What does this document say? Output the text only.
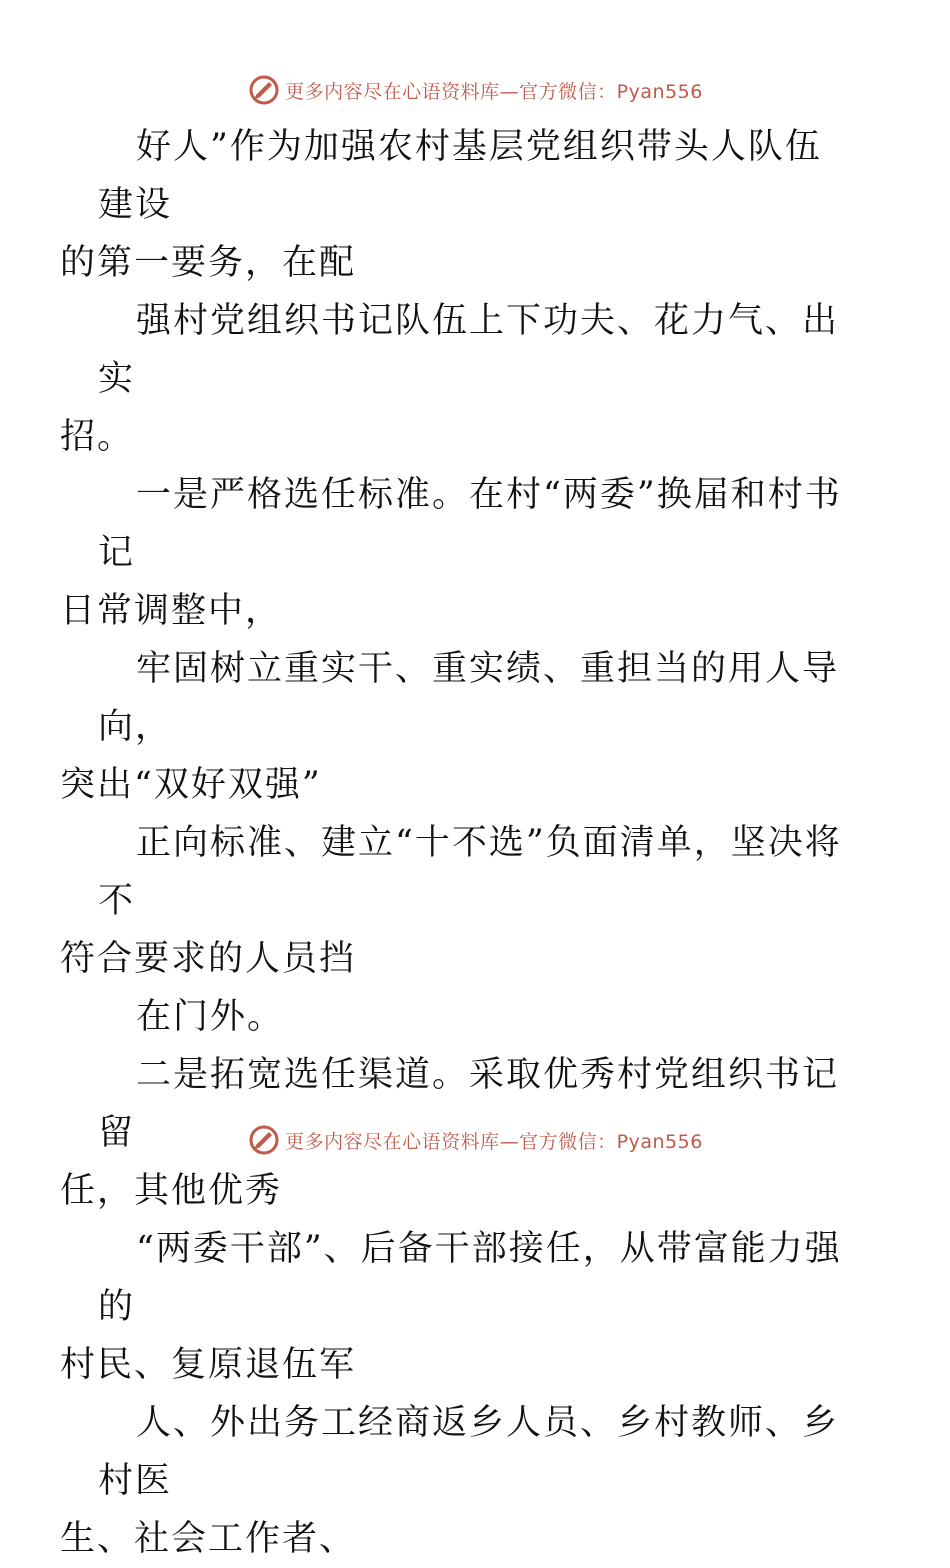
更多内容尽在心语资料库—官方微信：Pyan556

好人”作为加强农村基层党组织带头人队伍建设
的第一要务，在配

强村党组织书记队伍上下功夫、花力气、出实
招。

一是严格选任标准。在村“两委”换届和村书记
日常调整中，

牢固树立重实干、重实绩、重担当的用人导向，
突出“双好双强”

正向标准、建立“十不选”负面清单，坚决将不
符合要求的人员挡

在门外。

二是拓宽选任渠道。采取优秀村党组织书记留
任，其他优秀

“两委干部”、后备干部接任，从带富能力强的
村民、复原退伍军

人、外出务工经商返乡人员、乡村教师、乡村医
生、社会工作者、

更多内容尽在心语资料库—官方微信：Pyan556
